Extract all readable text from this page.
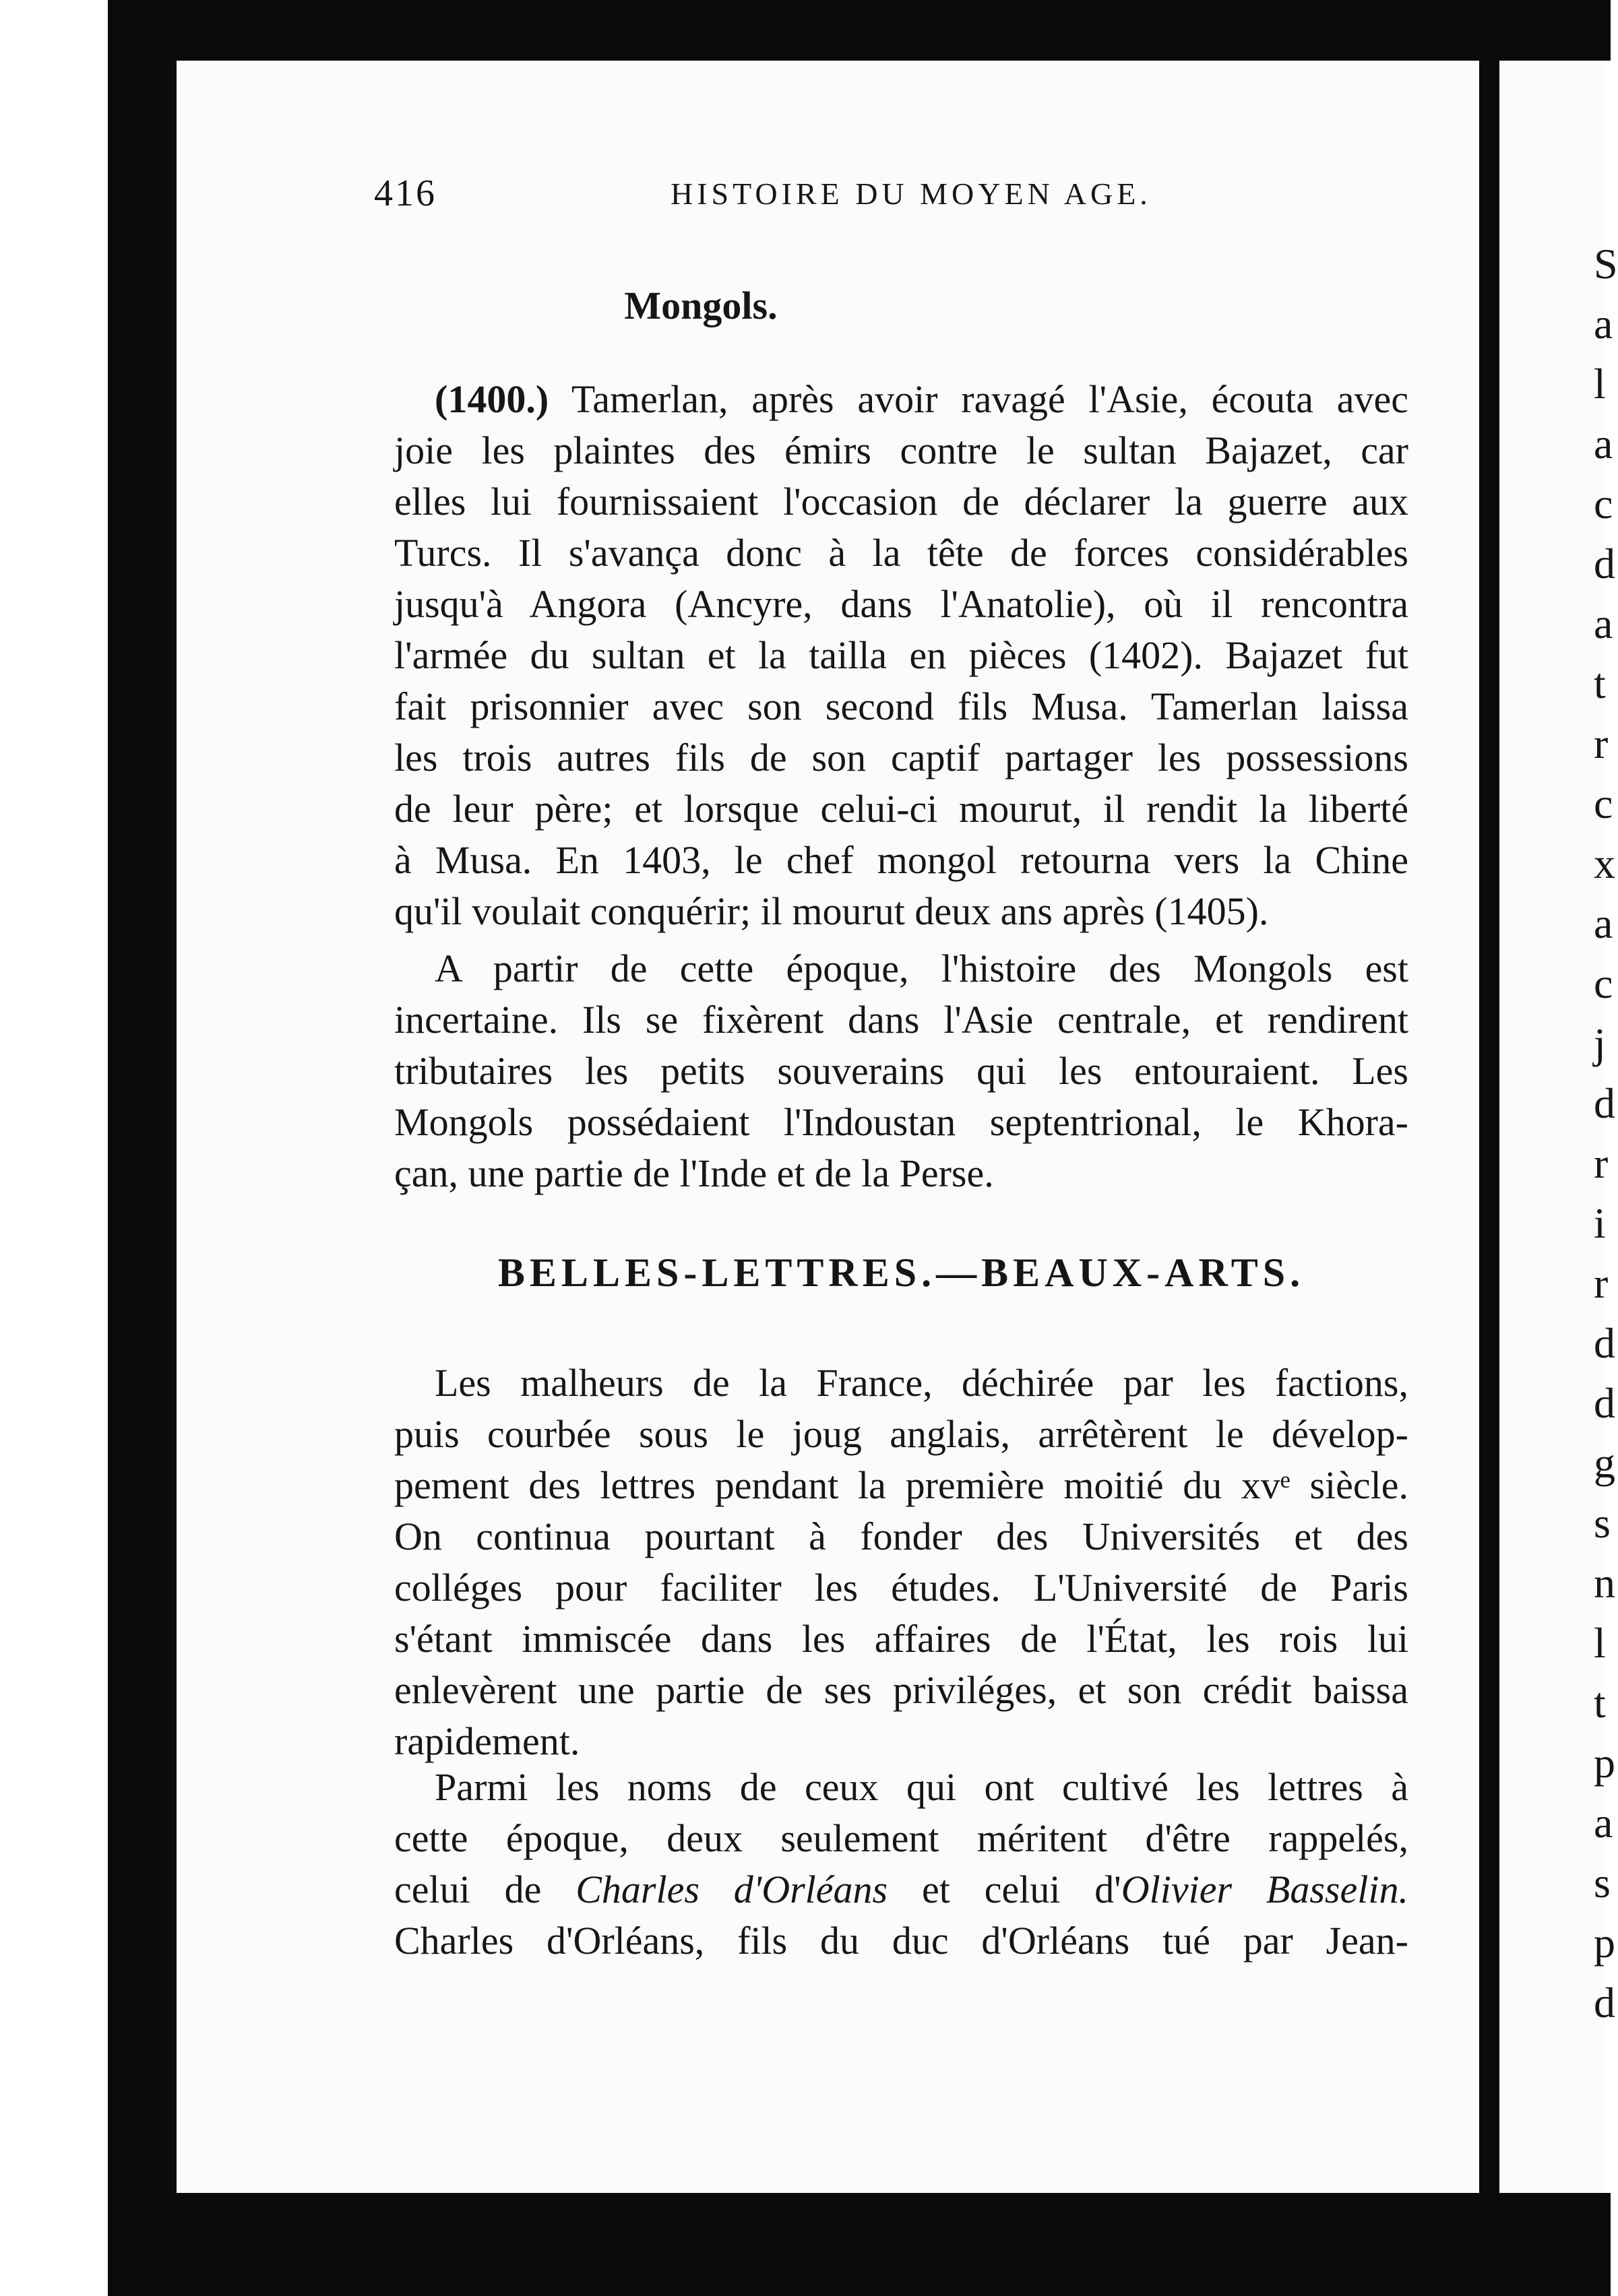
S
a
l
a
c
d
a
t
r
c
x
a
c
j
d
r
i
r
d
d
g
s
n
l
t
p
a
s
p
d
416	HISTOIRE DU MOYEN AGE.
Mongols.

(1400.) Tamerlan, après avoir ravagé l'Asie, écouta avec
joie les plaintes des émirs contre le sultan Bajazet, car
elles lui fournissaient l'occasion de déclarer la guerre aux
Turcs. Il s'avança donc à la tête de forces considérables
jusqu'à Angora (Ancyre, dans l'Anatolie), où il rencontra
l'armée du sultan et la tailla en pièces (1402). Bajazet fut
fait prisonnier avec son second fils Musa. Tamerlan laissa
les trois autres fils de son captif partager les possessions
de leur père; et lorsque celui-ci mourut, il rendit la liberté
à Musa. En 1403, le chef mongol retourna vers la Chine
qu'il voulait conquérir; il mourut deux ans après (1405).

A partir de cette époque, l'histoire des Mongols est
incertaine. Ils se fixèrent dans l'Asie centrale, et rendirent
tributaires les petits souverains qui les entouraient. Les
Mongols possédaient l'Indoustan septentrional, le Khora-
çan, une partie de l'Inde et de la Perse.

BELLES-LETTRES.—BEAUX-ARTS.

Les malheurs de la France, déchirée par les factions,
puis courbée sous le joug anglais, arrêtèrent le dévelop-
pement des lettres pendant la première moitié du xvᵉ siècle.
On continua pourtant à fonder des Universités et des
colléges pour faciliter les études. L'Université de Paris
s'étant immiscée dans les affaires de l'État, les rois lui
enlevèrent une partie de ses priviléges, et son crédit baissa
rapidement.

Parmi les noms de ceux qui ont cultivé les lettres à
cette époque, deux seulement méritent d'être rappelés,
celui de Charles d'Orléans et celui d'Olivier Basselin.
Charles d'Orléans, fils du duc d'Orléans tué par Jean-
